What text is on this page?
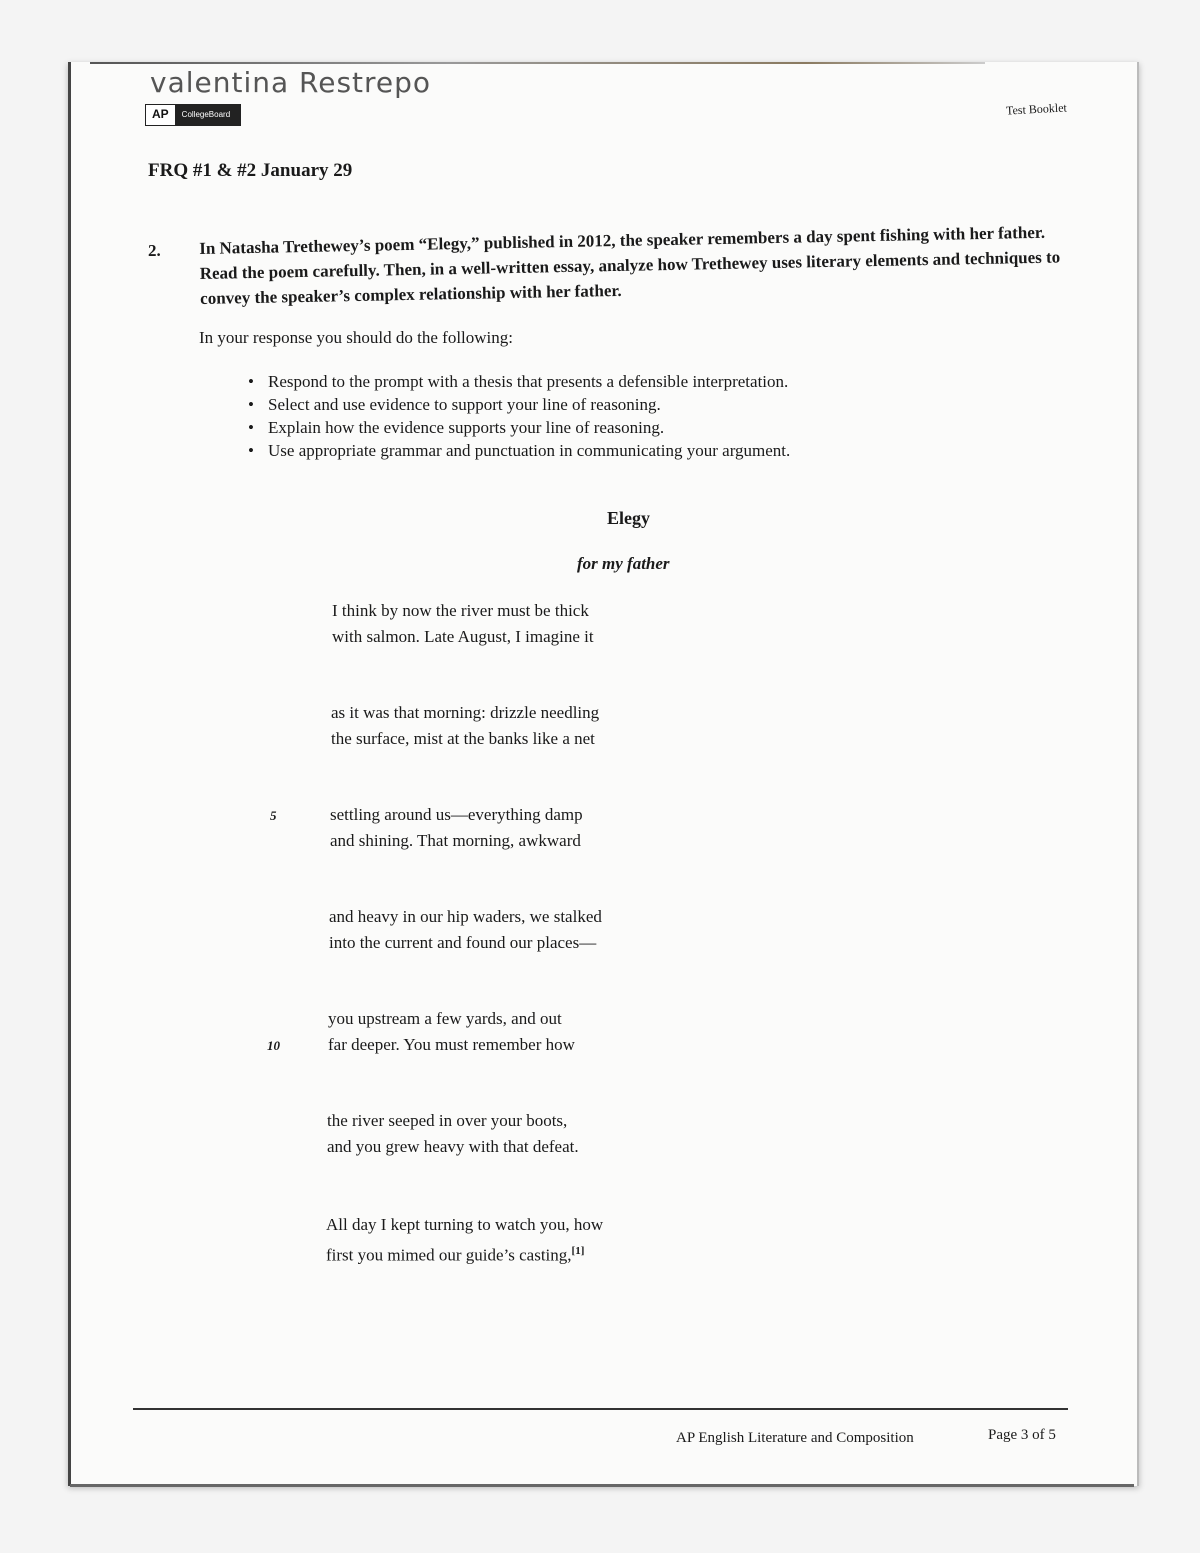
valentina Restrepo
AP	CollegeBoard	Test Booklet
FRQ #1 & #2 January 29
2. In Natasha Trethewey’s poem “Elegy,” published in 2012, the speaker remembers a day spent fishing with her father. Read the poem carefully. Then, in a well-written essay, analyze how Trethewey uses literary elements and techniques to convey the speaker’s complex relationship with her father.
In your response you should do the following:
• Respond to the prompt with a thesis that presents a defensible interpretation.
• Select and use evidence to support your line of reasoning.
• Explain how the evidence supports your line of reasoning.
• Use appropriate grammar and punctuation in communicating your argument.
Elegy
for my father
I think by now the river must be thick
with salmon. Late August, I imagine it
as it was that morning: drizzle needling
the surface, mist at the banks like a net
5	settling around us—everything damp
and shining. That morning, awkward
and heavy in our hip waders, we stalked
into the current and found our places—
10
you upstream a few yards, and out
far deeper. You must remember how
the river seeped in over your boots,
and you grew heavy with that defeat.
All day I kept turning to watch you, how
first you mimed our guide’s casting,[1]
AP English Literature and Composition	Page 3 of 5
